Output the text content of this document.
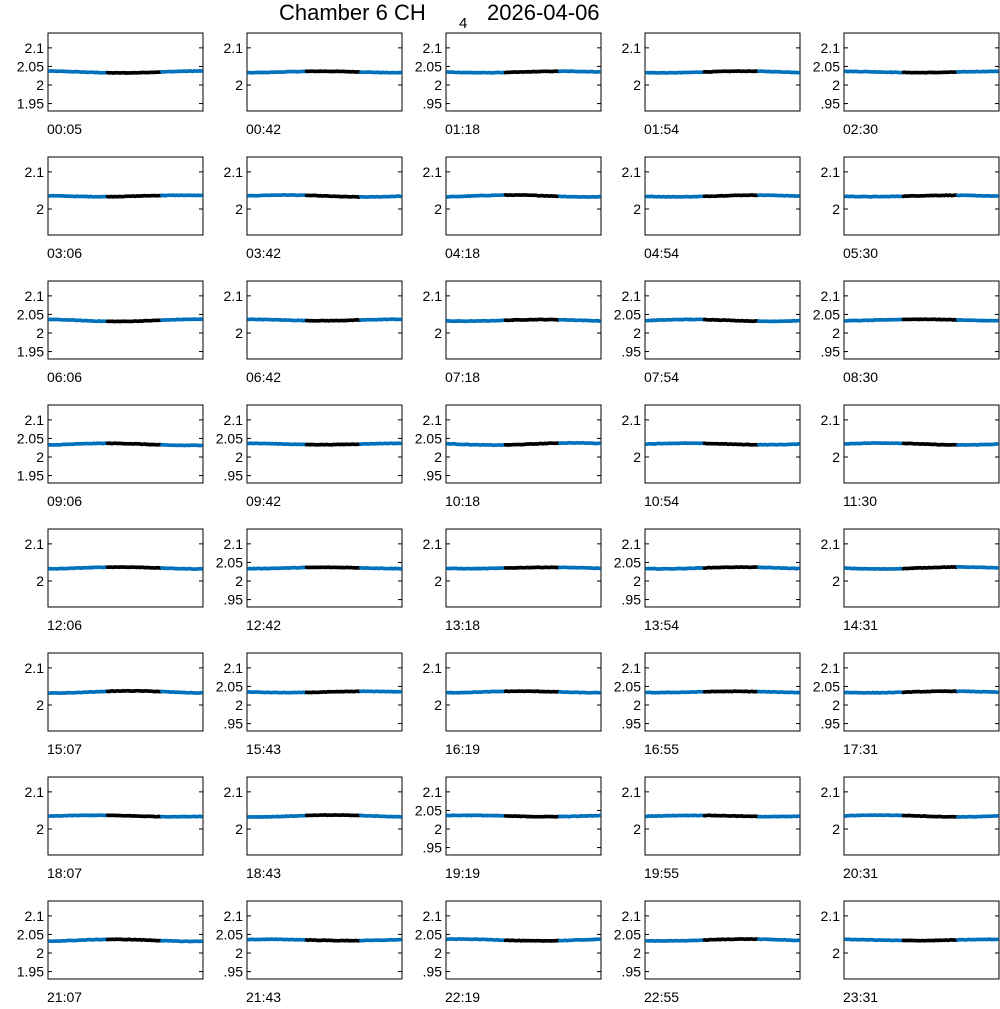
Chamber 6 CH 4 2026-04-06
1.95
2
2.05
2.1
00:05
2
2.1
00:42
.95
2
2.05
2.1
01:18
2
2.1
01:54
.95
2
2.05
2.1
02:30
2
2.1
03:06
2
2.1
03:42
2
2.1
04:18
2
2.1
04:54
2
2.1
05:30
1.95
2
2.05
2.1
06:06
2
2.1
06:42
2
2.1
07:18
.95
2
2.05
2.1
07:54
.95
2
2.05
2.1
08:30
1.95
2
2.05
2.1
09:06
.95
2
2.05
2.1
09:42
.95
2
2.05
2.1
10:18
2
2.1
10:54
2
2.1
11:30
2
2.1
12:06
.95
2
2.05
2.1
12:42
2
2.1
13:18
.95
2
2.05
2.1
13:54
2
2.1
14:31
2
2.1
15:07
.95
2
2.05
2.1
15:43
2
2.1
16:19
.95
2
2.05
2.1
16:55
.95
2
2.05
2.1
17:31
2
2.1
18:07
2
2.1
18:43
.95
2
2.05
2.1
19:19
2
2.1
19:55
2
2.1
20:31
1.95
2
2.05
2.1
21:07
.95
2
2.05
2.1
21:43
.95
2
2.05
2.1
22:19
.95
2
2.05
2.1
22:55
2
2.1
23:31
